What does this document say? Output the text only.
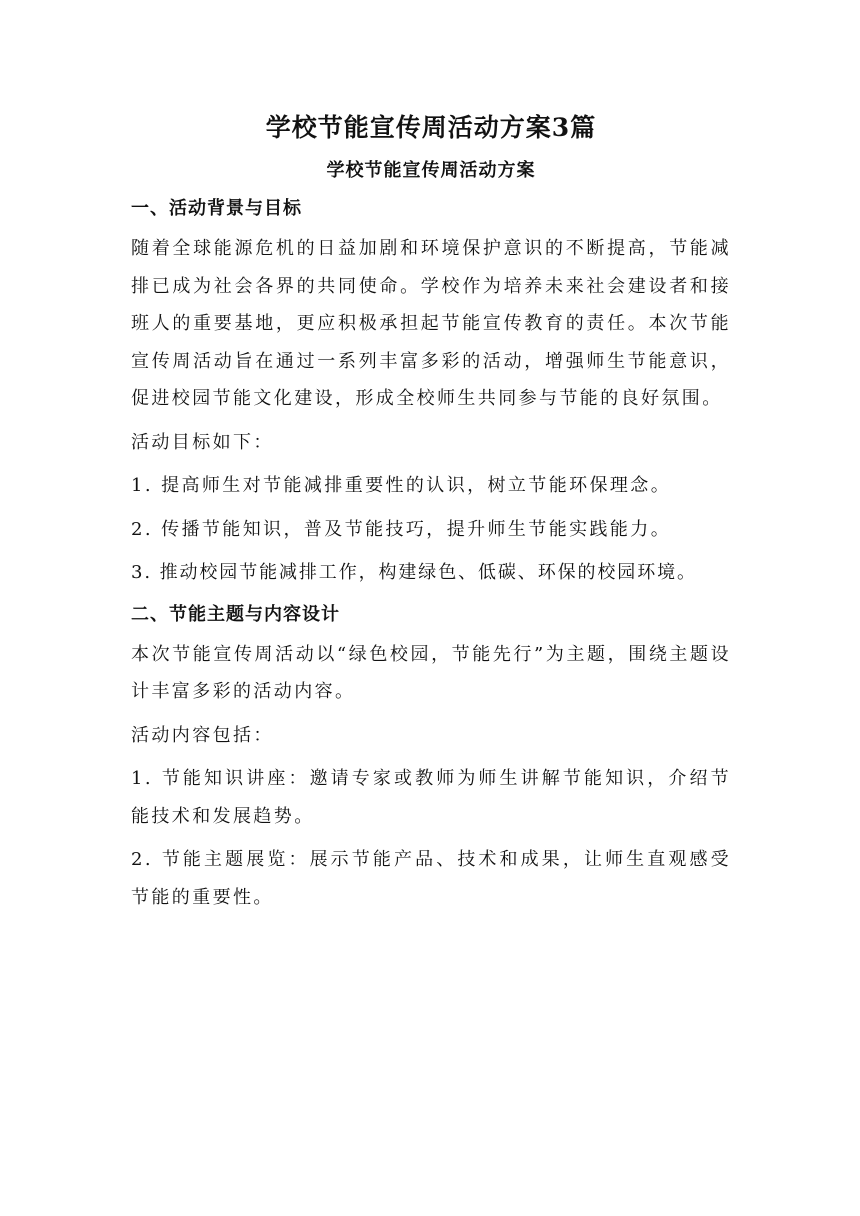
学校节能宣传周活动方案3篇
学校节能宣传周活动方案
一、活动背景与目标

随着全球能源危机的日益加剧和环境保护意识的不断提高，节能减排已成为社会各界的共同使命。学校作为培养未来社会建设者和接班人的重要基地，更应积极承担起节能宣传教育的责任。本次节能宣传周活动旨在通过一系列丰富多彩的活动，增强师生节能意识，促进校园节能文化建设，形成全校师生共同参与节能的良好氛围。

活动目标如下：

1. 提高师生对节能减排重要性的认识，树立节能环保理念。

2. 传播节能知识，普及节能技巧，提升师生节能实践能力。

3. 推动校园节能减排工作，构建绿色、低碳、环保的校园环境。

二、节能主题与内容设计

本次节能宣传周活动以“绿色校园，节能先行”为主题，围绕主题设计丰富多彩的活动内容。

活动内容包括：

1. 节能知识讲座：邀请专家或教师为师生讲解节能知识，介绍节能技术和发展趋势。

2. 节能主题展览：展示节能产品、技术和成果，让师生直观感受节能的重要性。
